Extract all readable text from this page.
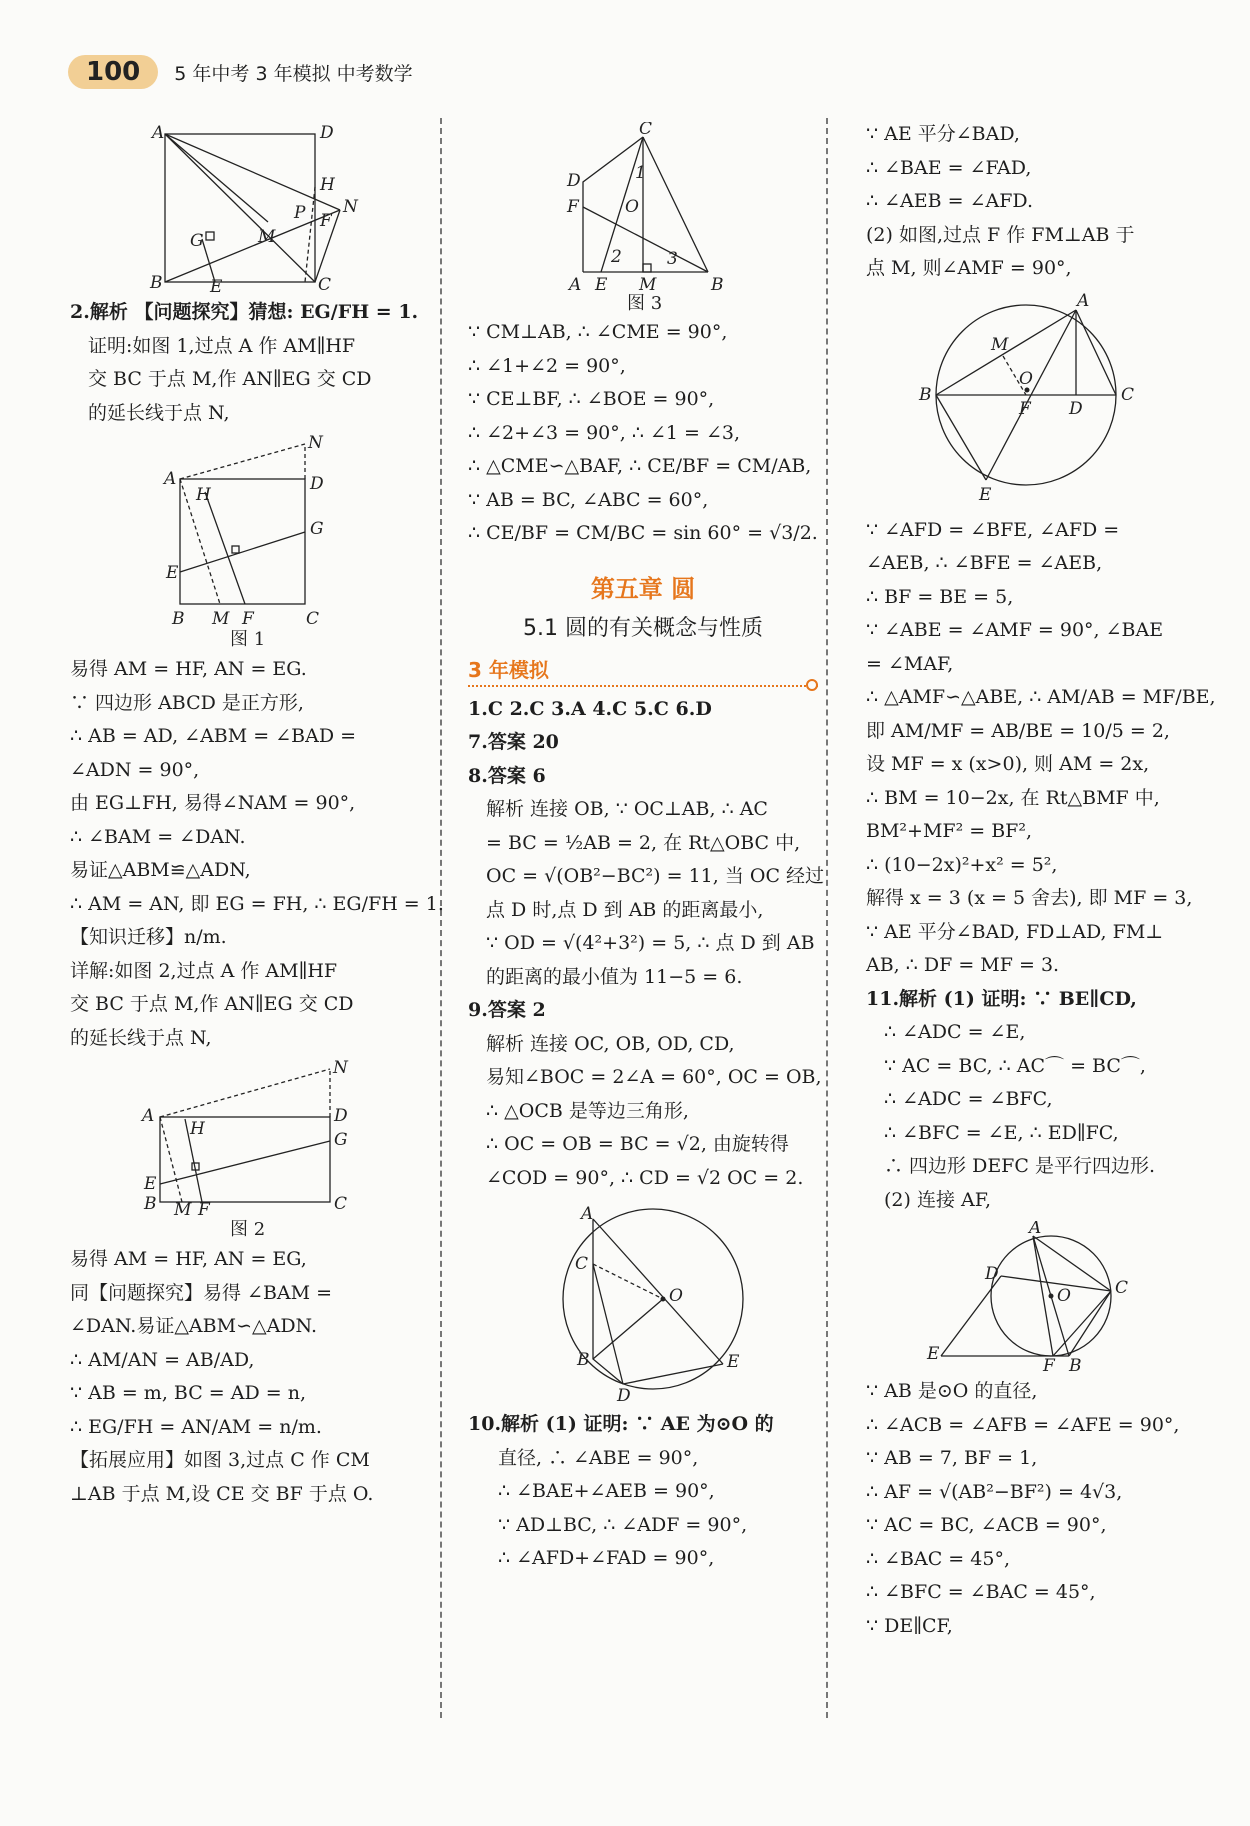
100	5 年中考 3 年模拟 中考数学
A	D
H
N
P F
G	M
B	E	C
2.解析 【问题探究】猜想: EG/FH = 1.
证明:如图 1,过点 A 作 AM∥HF
交 BC 于点 M,作 AN∥EG 交 CD
的延长线于点 N,
N
A
H
D
G
E
B M F	C
图 1
易得 AM = HF, AN = EG.
∵ 四边形 ABCD 是正方形,
∴ AB = AD, ∠ABM = ∠BAD =
∠ADN = 90°,
由 EG⊥FH, 易得∠NAM = 90°,
∴ ∠BAM = ∠DAN.
易证△ABM≌△ADN,
∴ AM = AN, 即 EG = FH, ∴ EG/FH = 1.
【知识迁移】n/m.
详解:如图 2,过点 A 作 AM∥HF
交 BC 于点 M,作 AN∥EG 交 CD
的延长线于点 N,
N
A
H
D
G
E
B M F	C
图 2
易得 AM = HF, AN = EG,
同【问题探究】易得 ∠BAM =
∠DAN.易证△ABM∽△ADN.
∴ AM/AN = AB/AD,
∵ AB = m, BC = AD = n,
∴ EG/FH = AN/AM = n/m.
【拓展应用】如图 3,过点 C 作 CM
⊥AB 于点 M,设 CE 交 BF 于点 O.
C
D
F	O
1
2	3
A E M	B
图 3
∵ CM⊥AB, ∴ ∠CME = 90°,
∴ ∠1+∠2 = 90°,
∵ CE⊥BF, ∴ ∠BOE = 90°,
∴ ∠2+∠3 = 90°, ∴ ∠1 = ∠3,
∴ △CME∽△BAF, ∴ CE/BF = CM/AB,
∵ AB = BC, ∠ABC = 60°,
∴ CE/BF = CM/BC = sin 60° = √3/2.
第五章 圆
5.1 圆的有关概念与性质
3 年模拟
1.C 2.C 3.A 4.C 5.C 6.D
7.答案 20
8.答案 6
解析 连接 OB, ∵ OC⊥AB, ∴ AC
= BC = ½AB = 2, 在 Rt△OBC 中,
OC = √(OB²−BC²) = 11, 当 OC 经过
点 D 时,点 D 到 AB 的距离最小,
∵ OD = √(4²+3²) = 5, ∴ 点 D 到 AB
的距离的最小值为 11−5 = 6.
9.答案 2
解析 连接 OC, OB, OD, CD,
易知∠BOC = 2∠A = 60°, OC = OB,
∴ △OCB 是等边三角形,
∴ OC = OB = BC = √2, 由旋转得
∠COD = 90°, ∴ CD = √2 OC = 2.
A
C
O
B	E
D
10.解析 (1) 证明: ∵ AE 为⊙O 的
直径, ∴ ∠ABE = 90°,
∴ ∠BAE+∠AEB = 90°,
∵ AD⊥BC, ∴ ∠ADF = 90°,
∴ ∠AFD+∠FAD = 90°,
∵ AE 平分∠BAD,
∴ ∠BAE = ∠FAD,
∴ ∠AEB = ∠AFD.
(2) 如图,过点 F 作 FM⊥AB 于
点 M, 则∠AMF = 90°,
A
M
O
B
F D
C
E
∵ ∠AFD = ∠BFE, ∠AFD =
∠AEB, ∴ ∠BFE = ∠AEB,
∴ BF = BE = 5,
∵ ∠ABE = ∠AMF = 90°, ∠BAE
= ∠MAF,
∴ △AMF∽△ABE, ∴ AM/AB = MF/BE,
即 AM/MF = AB/BE = 10/5 = 2,
设 MF = x (x>0), 则 AM = 2x,
∴ BM = 10−2x, 在 Rt△BMF 中,
BM²+MF² = BF²,
∴ (10−2x)²+x² = 5²,
解得 x = 3 (x = 5 舍去), 即 MF = 3,
∵ AE 平分∠BAD, FD⊥AD, FM⊥
AB, ∴ DF = MF = 3.
11.解析 (1) 证明: ∵ BE∥CD,
∴ ∠ADC = ∠E,
∵ AC = BC, ∴ AC⌒ = BC⌒,
∴ ∠ADC = ∠BFC,
∴ ∠BFC = ∠E, ∴ ED∥FC,
∴ 四边形 DEFC 是平行四边形.
(2) 连接 AF,
A
D
C
O
E
F B
∵ AB 是⊙O 的直径,
∴ ∠ACB = ∠AFB = ∠AFE = 90°,
∵ AB = 7, BF = 1,
∴ AF = √(AB²−BF²) = 4√3,
∵ AC = BC, ∠ACB = 90°,
∴ ∠BAC = 45°,
∴ ∠BFC = ∠BAC = 45°,
∵ DE∥CF,
